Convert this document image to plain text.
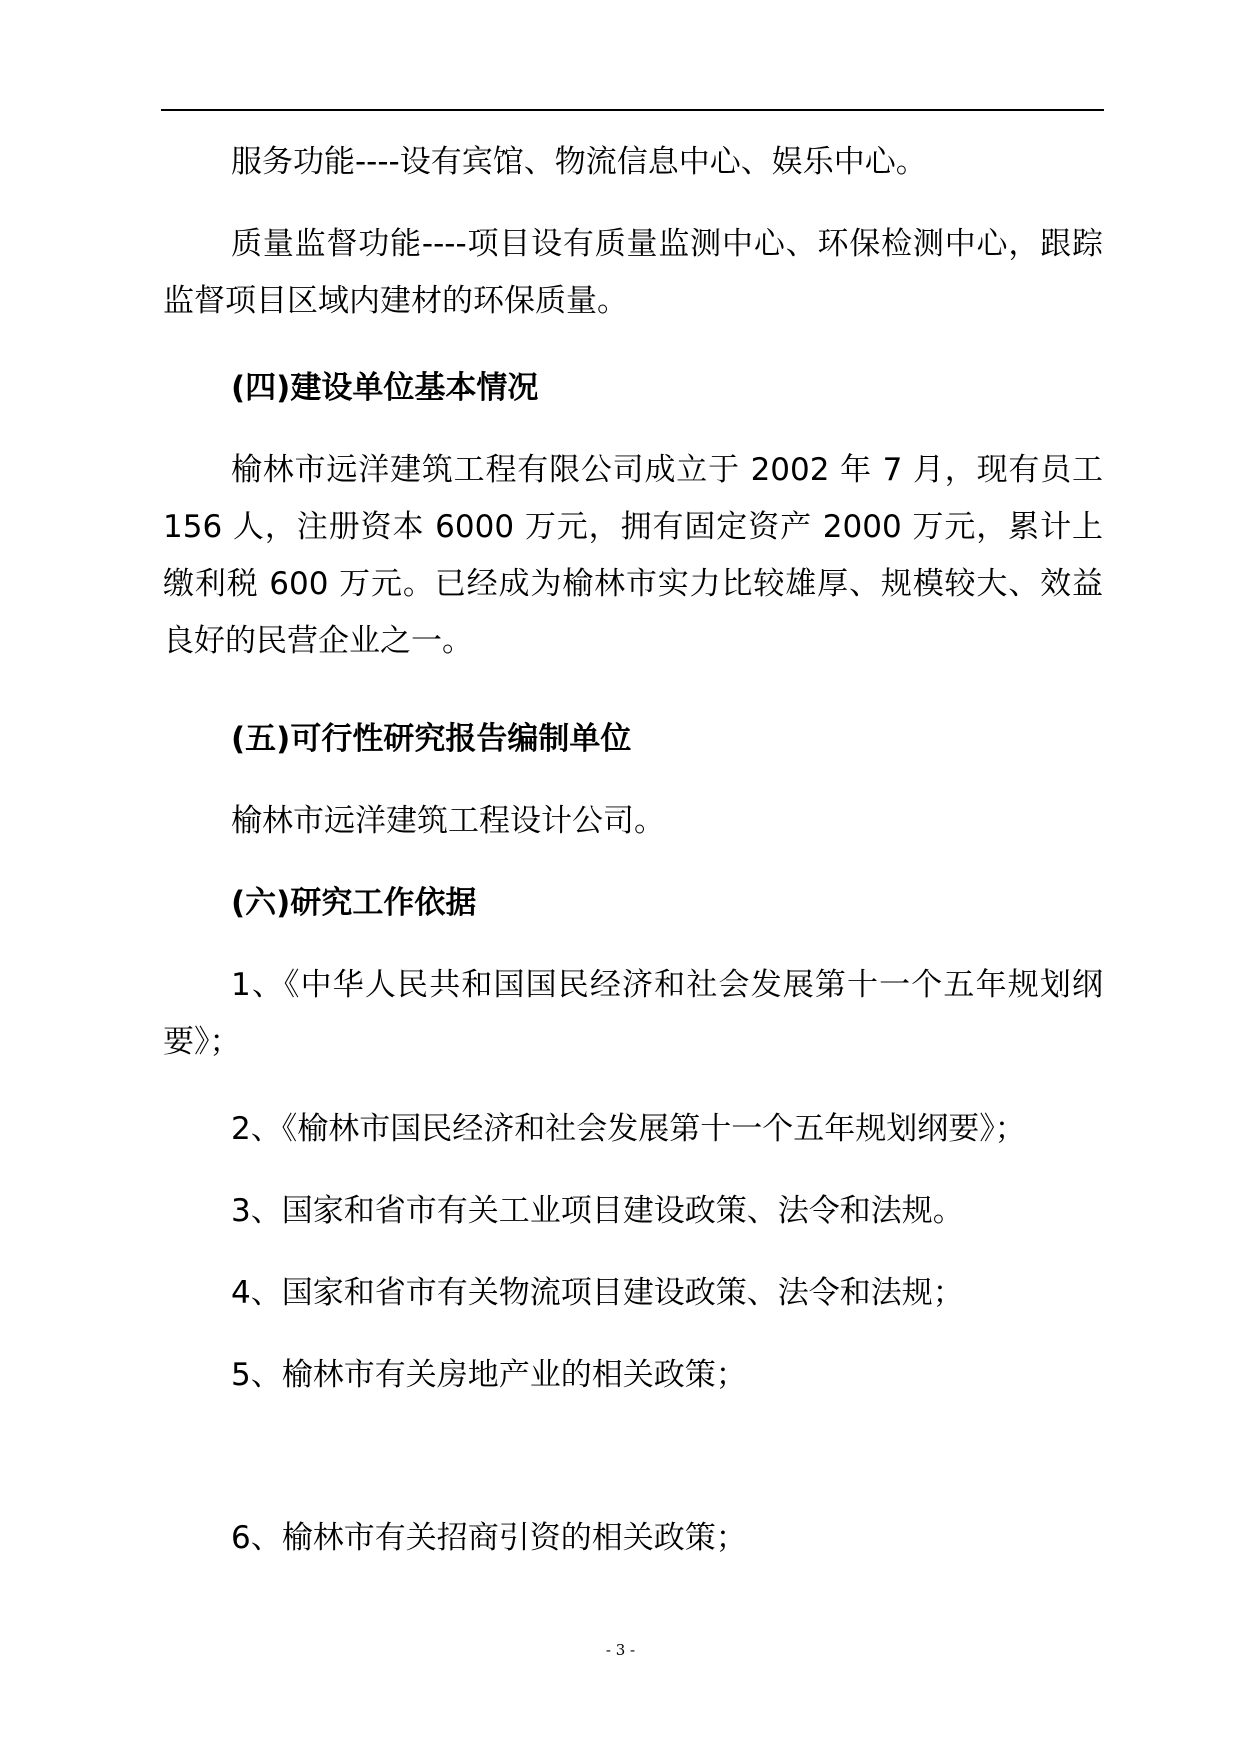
服务功能----设有宾馆、物流信息中心、娱乐中心。

质量监督功能----项目设有质量监测中心、环保检测中心，跟踪监督项目区域内建材的环保质量。

(四)建设单位基本情况

榆林市远洋建筑工程有限公司成立于 2002 年 7 月，现有员工 156 人，注册资本 6000 万元，拥有固定资产 2000 万元，累计上缴利税 600 万元。已经成为榆林市实力比较雄厚、规模较大、效益良好的民营企业之一。

(五)可行性研究报告编制单位

榆林市远洋建筑工程设计公司。

(六)研究工作依据

1、《中华人民共和国国民经济和社会发展第十一个五年规划纲要》；

2、《榆林市国民经济和社会发展第十一个五年规划纲要》；

3、国家和省市有关工业项目建设政策、法令和法规。

4、国家和省市有关物流项目建设政策、法令和法规；

5、榆林市有关房地产业的相关政策；

6、榆林市有关招商引资的相关政策；

- 3 -
